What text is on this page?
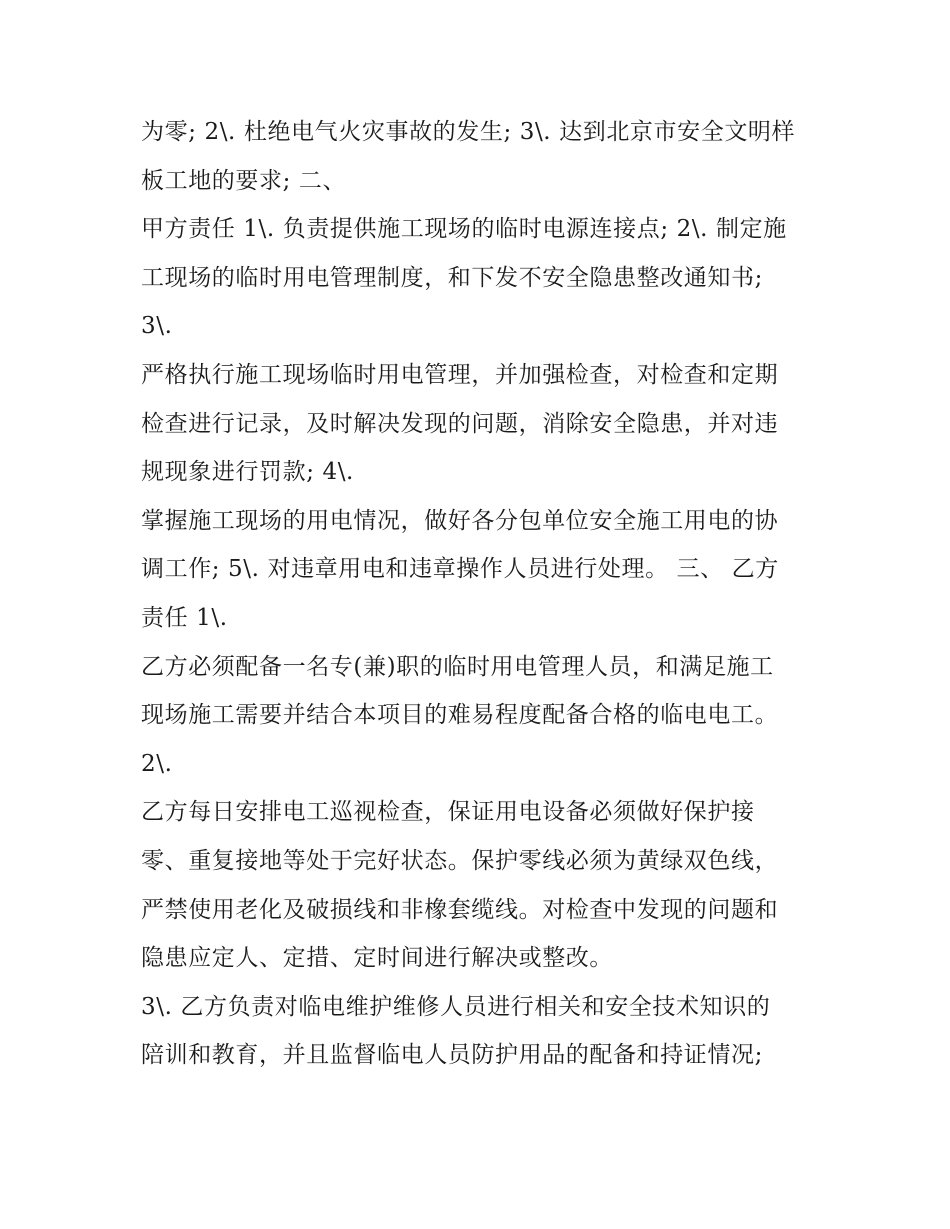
为零; 2\. 杜绝电气火灾事故的发生; 3\. 达到北京市安全文明样
板工地的要求; 二、
甲方责任 1\. 负责提供施工现场的临时电源连接点; 2\. 制定施
工现场的临时用电管理制度，和下发不安全隐患整改通知书;
3\.
严格执行施工现场临时用电管理，并加强检查，对检查和定期
检查进行记录，及时解决发现的问题，消除安全隐患，并对违
规现象进行罚款; 4\.
掌握施工现场的用电情况，做好各分包单位安全施工用电的协
调工作; 5\. 对违章用电和违章操作人员进行处理。 三、 乙方
责任 1\.
乙方必须配备一名专(兼)职的临时用电管理人员，和满足施工
现场施工需要并结合本项目的难易程度配备合格的临电电工。
2\.
乙方每日安排电工巡视检查，保证用电设备必须做好保护接
零、重复接地等处于完好状态。保护零线必须为黄绿双色线，
严禁使用老化及破损线和非橡套缆线。对检查中发现的问题和
隐患应定人、定措、定时间进行解决或整改。
3\. 乙方负责对临电维护维修人员进行相关和安全技术知识的
陪训和教育，并且监督临电人员防护用品的配备和持证情况;
